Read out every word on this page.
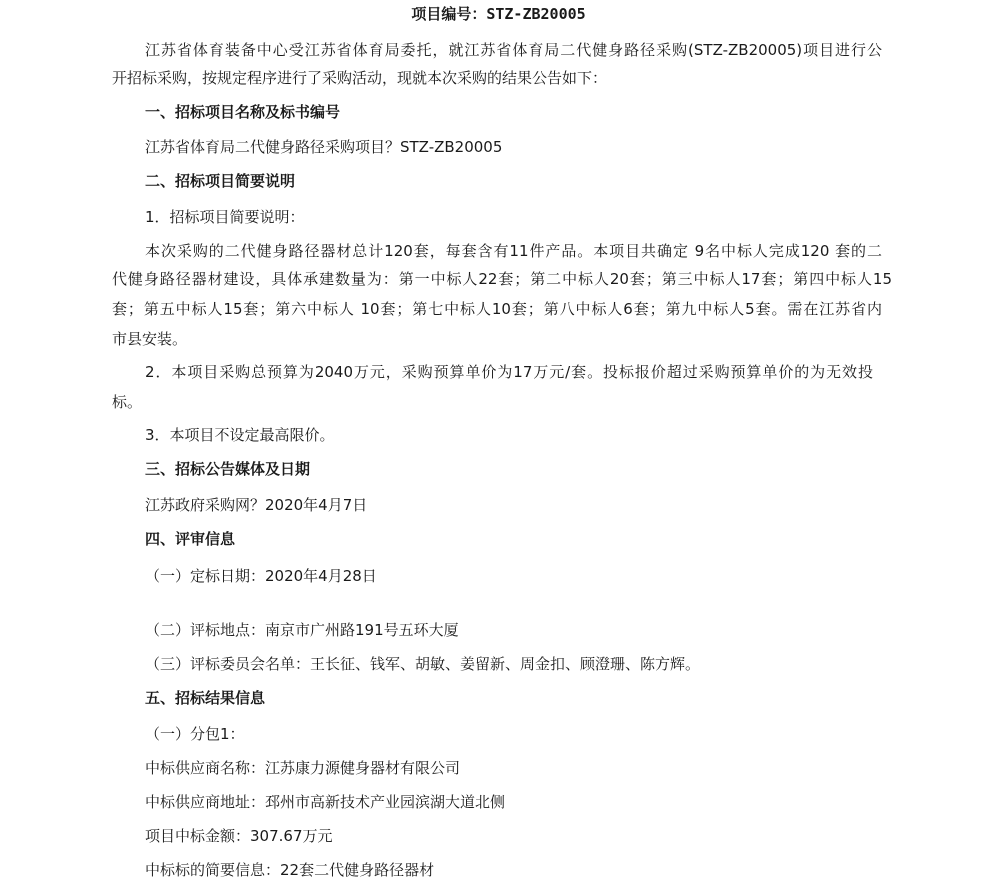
项目编号：STZ-ZB20005
江苏省体育装备中心受江苏省体育局委托，就江苏省体育局二代健身路径采购(STZ-ZB20005)项目进行公
开招标采购，按规定程序进行了采购活动，现就本次采购的结果公告如下：
一、招标项目名称及标书编号
江苏省体育局二代健身路径采购项目？STZ-ZB20005
二、招标项目简要说明
1．招标项目简要说明：
本次采购的二代健身路径器材总计120套，每套含有11件产品。本项目共确定 9名中标人完成120 套的二
代健身路径器材建设，具体承建数量为：第一中标人22套；第二中标人20套；第三中标人17套；第四中标人15
套；第五中标人15套；第六中标人 10套；第七中标人10套；第八中标人6套；第九中标人5套。需在江苏省内
市县安装。
2．本项目采购总预算为2040万元，采购预算单价为17万元/套。投标报价超过采购预算单价的为无效投
标。
3．本项目不设定最高限价。
三、招标公告媒体及日期
江苏政府采购网？2020年4月7日
四、评审信息
（一）定标日期：2020年4月28日
（二）评标地点：南京市广州路191号五环大厦
（三）评标委员会名单：王长征、钱军、胡敏、姜留新、周金扣、顾澄珊、陈方辉。
五、招标结果信息
（一）分包1：
中标供应商名称：江苏康力源健身器材有限公司
中标供应商地址：邳州市高新技术产业园滨湖大道北侧
项目中标金额：307.67万元
中标标的简要信息：22套二代健身路径器材
